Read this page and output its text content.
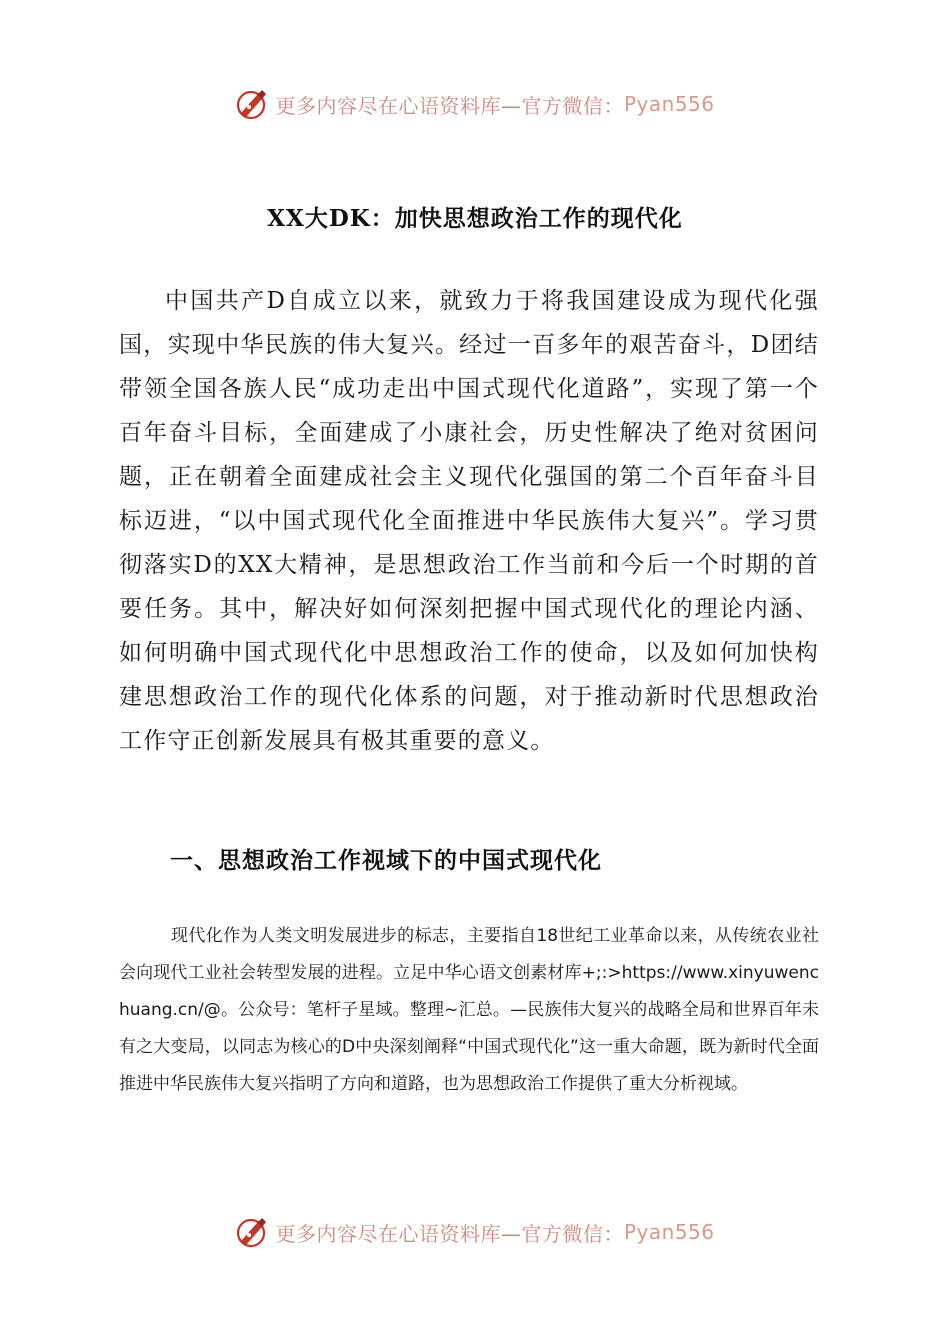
更多内容尽在心语资料库—官方微信： Pyan556
XX大DK：加快思想政治工作的现代化

中国共产D自成立以来，就致力于将我国建设成为现代化强国，实现中华民族的伟大复兴。经过一百多年的艰苦奋斗，D团结带领全国各族人民“成功走出中国式现代化道路”，实现了第一个百年奋斗目标，全面建成了小康社会，历史性解决了绝对贫困问题，正在朝着全面建成社会主义现代化强国的第二个百年奋斗目标迈进，“以中国式现代化全面推进中华民族伟大复兴”。学习贯彻落实D的XX大精神，是思想政治工作当前和今后一个时期的首要任务。其中，解决好如何深刻把握中国式现代化的理论内涵、如何明确中国式现代化中思想政治工作的使命，以及如何加快构建思想政治工作的现代化体系的问题，对于推动新时代思想政治工作守正创新发展具有极其重要的意义。

一、思想政治工作视域下的中国式现代化

现代化作为人类文明发展进步的标志，主要指自18世纪工业革命以来，从传统农业社会向现代工业社会转型发展的进程。立足中华心语文创素材库+;:>https://www.xinyuwenchuang.cn/@。公众号：笔杆子星域。整理~汇总。—民族伟大复兴的战略全局和世界百年未有之大变局，以同志为核心的D中央深刻阐释“中国式现代化”这一重大命题，既为新时代全面推进中华民族伟大复兴指明了方向和道路，也为思想政治工作提供了重大分析视域。

更多内容尽在心语资料库—官方微信： Pyan556
